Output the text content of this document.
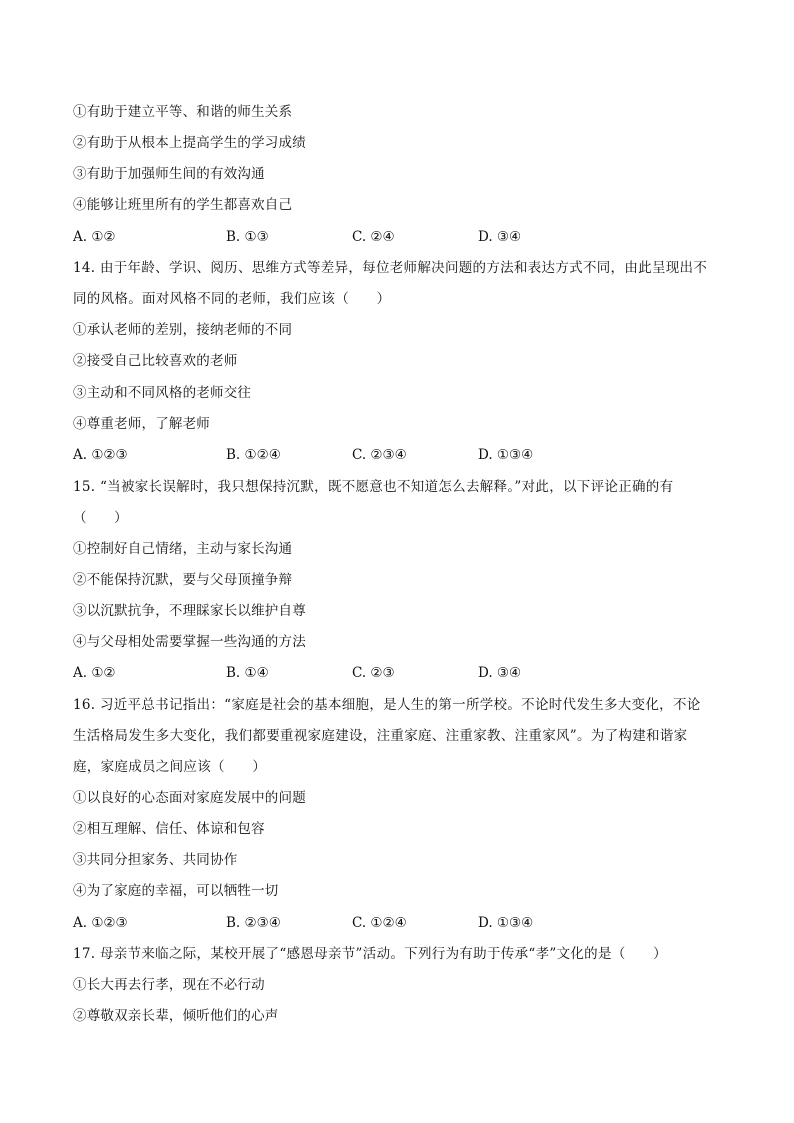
①有助于建立平等、和谐的师生关系
②有助于从根本上提高学生的学习成绩
③有助于加强师生间的有效沟通
④能够让班里所有的学生都喜欢自己
A. ①②	B. ①③	C. ②④	D. ③④
14. 由于年龄、学识、阅历、思维方式等差异，每位老师解决问题的方法和表达方式不同，由此呈现出不
同的风格。面对风格不同的老师，我们应该（　　）
①承认老师的差别，接纳老师的不同
②接受自己比较喜欢的老师
③主动和不同风格的老师交往
④尊重老师，了解老师
A. ①②③	B. ①②④	C. ②③④	D. ①③④
15. “当被家长误解时，我只想保持沉默，既不愿意也不知道怎么去解释。”对此，以下评论正确的有
（　　）
①控制好自己情绪，主动与家长沟通
②不能保持沉默，要与父母顶撞争辩
③以沉默抗争，不理睬家长以维护自尊
④与父母相处需要掌握一些沟通的方法
A. ①②	B. ①④	C. ②③	D. ③④
16. 习近平总书记指出：“家庭是社会的基本细胞，是人生的第一所学校。不论时代发生多大变化，不论
生活格局发生多大变化，我们都要重视家庭建设，注重家庭、注重家教、注重家风”。为了构建和谐家
庭，家庭成员之间应该（　　）
①以良好的心态面对家庭发展中的问题
②相互理解、信任、体谅和包容
③共同分担家务、共同协作
④为了家庭的幸福，可以牺牲一切
A. ①②③	B. ②③④	C. ①②④	D. ①③④
17. 母亲节来临之际，某校开展了“感恩母亲节”活动。下列行为有助于传承“孝”文化的是（　　）
①长大再去行孝，现在不必行动
②尊敬双亲长辈，倾听他们的心声
